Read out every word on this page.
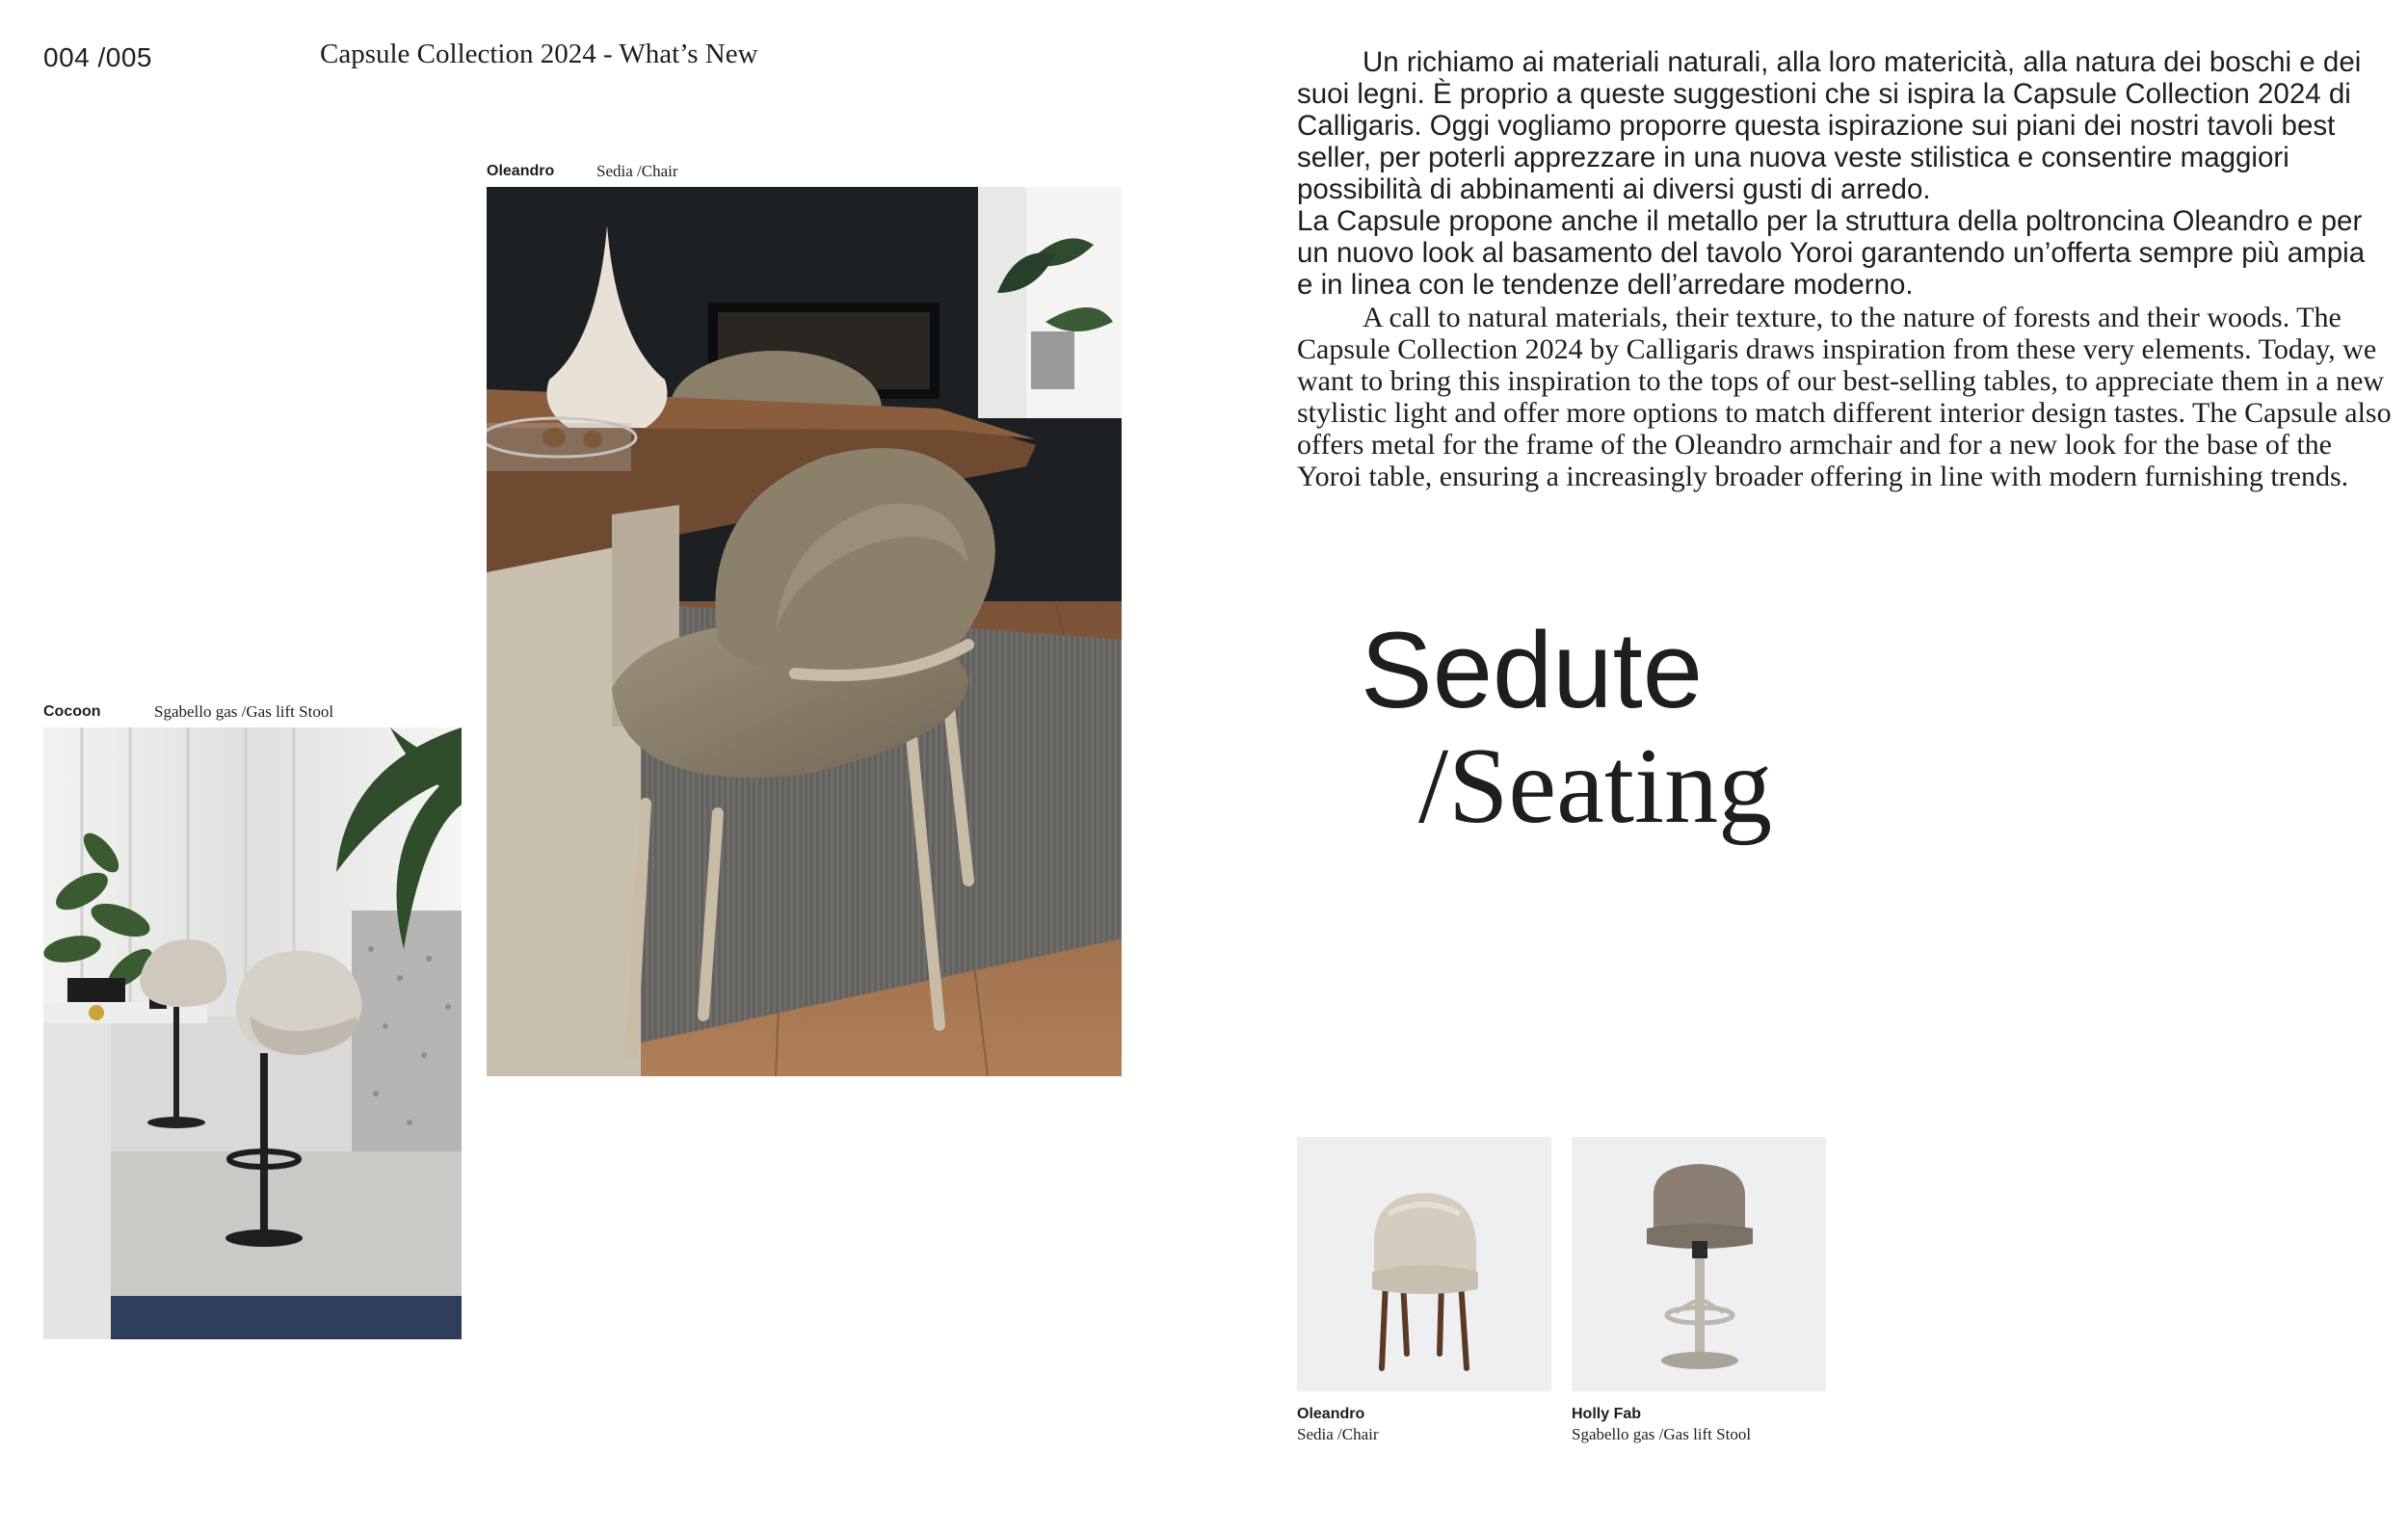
004 /005	Capsule Collection 2024 - What’s New
Oleandro	Sedia /Chair
Cocoon	Sgabello gas /Gas lift Stool

Un richiamo ai materiali naturali, alla loro matericità, alla natura dei boschi e dei suoi legni. È proprio a queste suggestioni che si ispira la Capsule Collection 2024 di Calligaris. Oggi vogliamo proporre questa ispirazione sui piani dei nostri tavoli best seller, per poterli apprezzare in una nuova veste stilistica e consentire maggiori possibilità di abbinamenti ai diversi gusti di arredo.

La Capsule propone anche il metallo per la struttura della poltroncina Oleandro e per un nuovo look al basamento del tavolo Yoroi garantendo un’offerta sempre più ampia e in linea con le tendenze dell’arredare moderno.

A call to natural materials, their texture, to the nature of forests and their woods. The Capsule Collection 2024 by Calligaris draws inspiration from these very elements. Today, we want to bring this inspiration to the tops of our best-selling tables, to appreciate them in a new stylistic light and offer more options to match different interior design tastes. The Capsule also offers metal for the frame of the Oleandro armchair and for a new look for the base of the Yoroi table, ensuring a increasingly broader offering in line with modern furnishing trends.

Sedute
/Seating
Oleandro
Sedia /Chair
Holly Fab
Sgabello gas /Gas lift Stool
